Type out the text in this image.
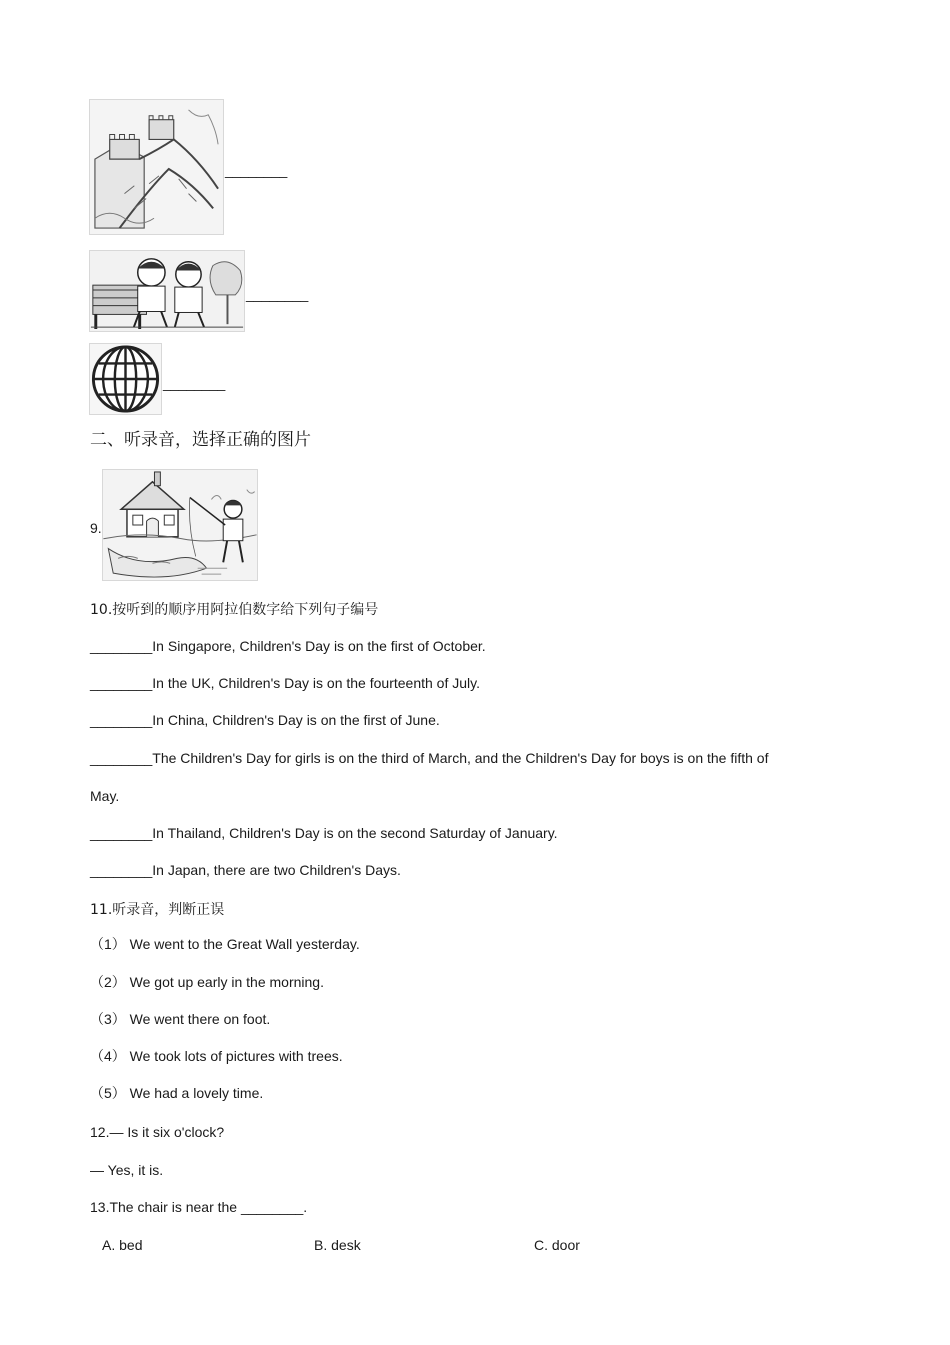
________
________
________
二、听录音，选择正确的图片
9.
10.按听到的顺序用阿拉伯数字给下列句子编号
________In Singapore, Children's Day is on the first of October.
________In the UK, Children's Day is on the fourteenth of July.
________In China, Children's Day is on the first of June.
________The Children's Day for girls is on the third of March, and the Children's Day for boys is on the fifth of
May.
________In Thailand, Children's Day is on the second Saturday of January.
________In Japan, there are two Children's Days.
11.听录音，判断正误
（1） We went to the Great Wall yesterday.
（2） We got up early in the morning.
（3） We went there on foot.
（4） We took lots of pictures with trees.
（5） We had a lovely time.
12.— Is it six o'clock?
— Yes, it is.
13.The chair is near the ________.
A. bed	B. desk	C. door
